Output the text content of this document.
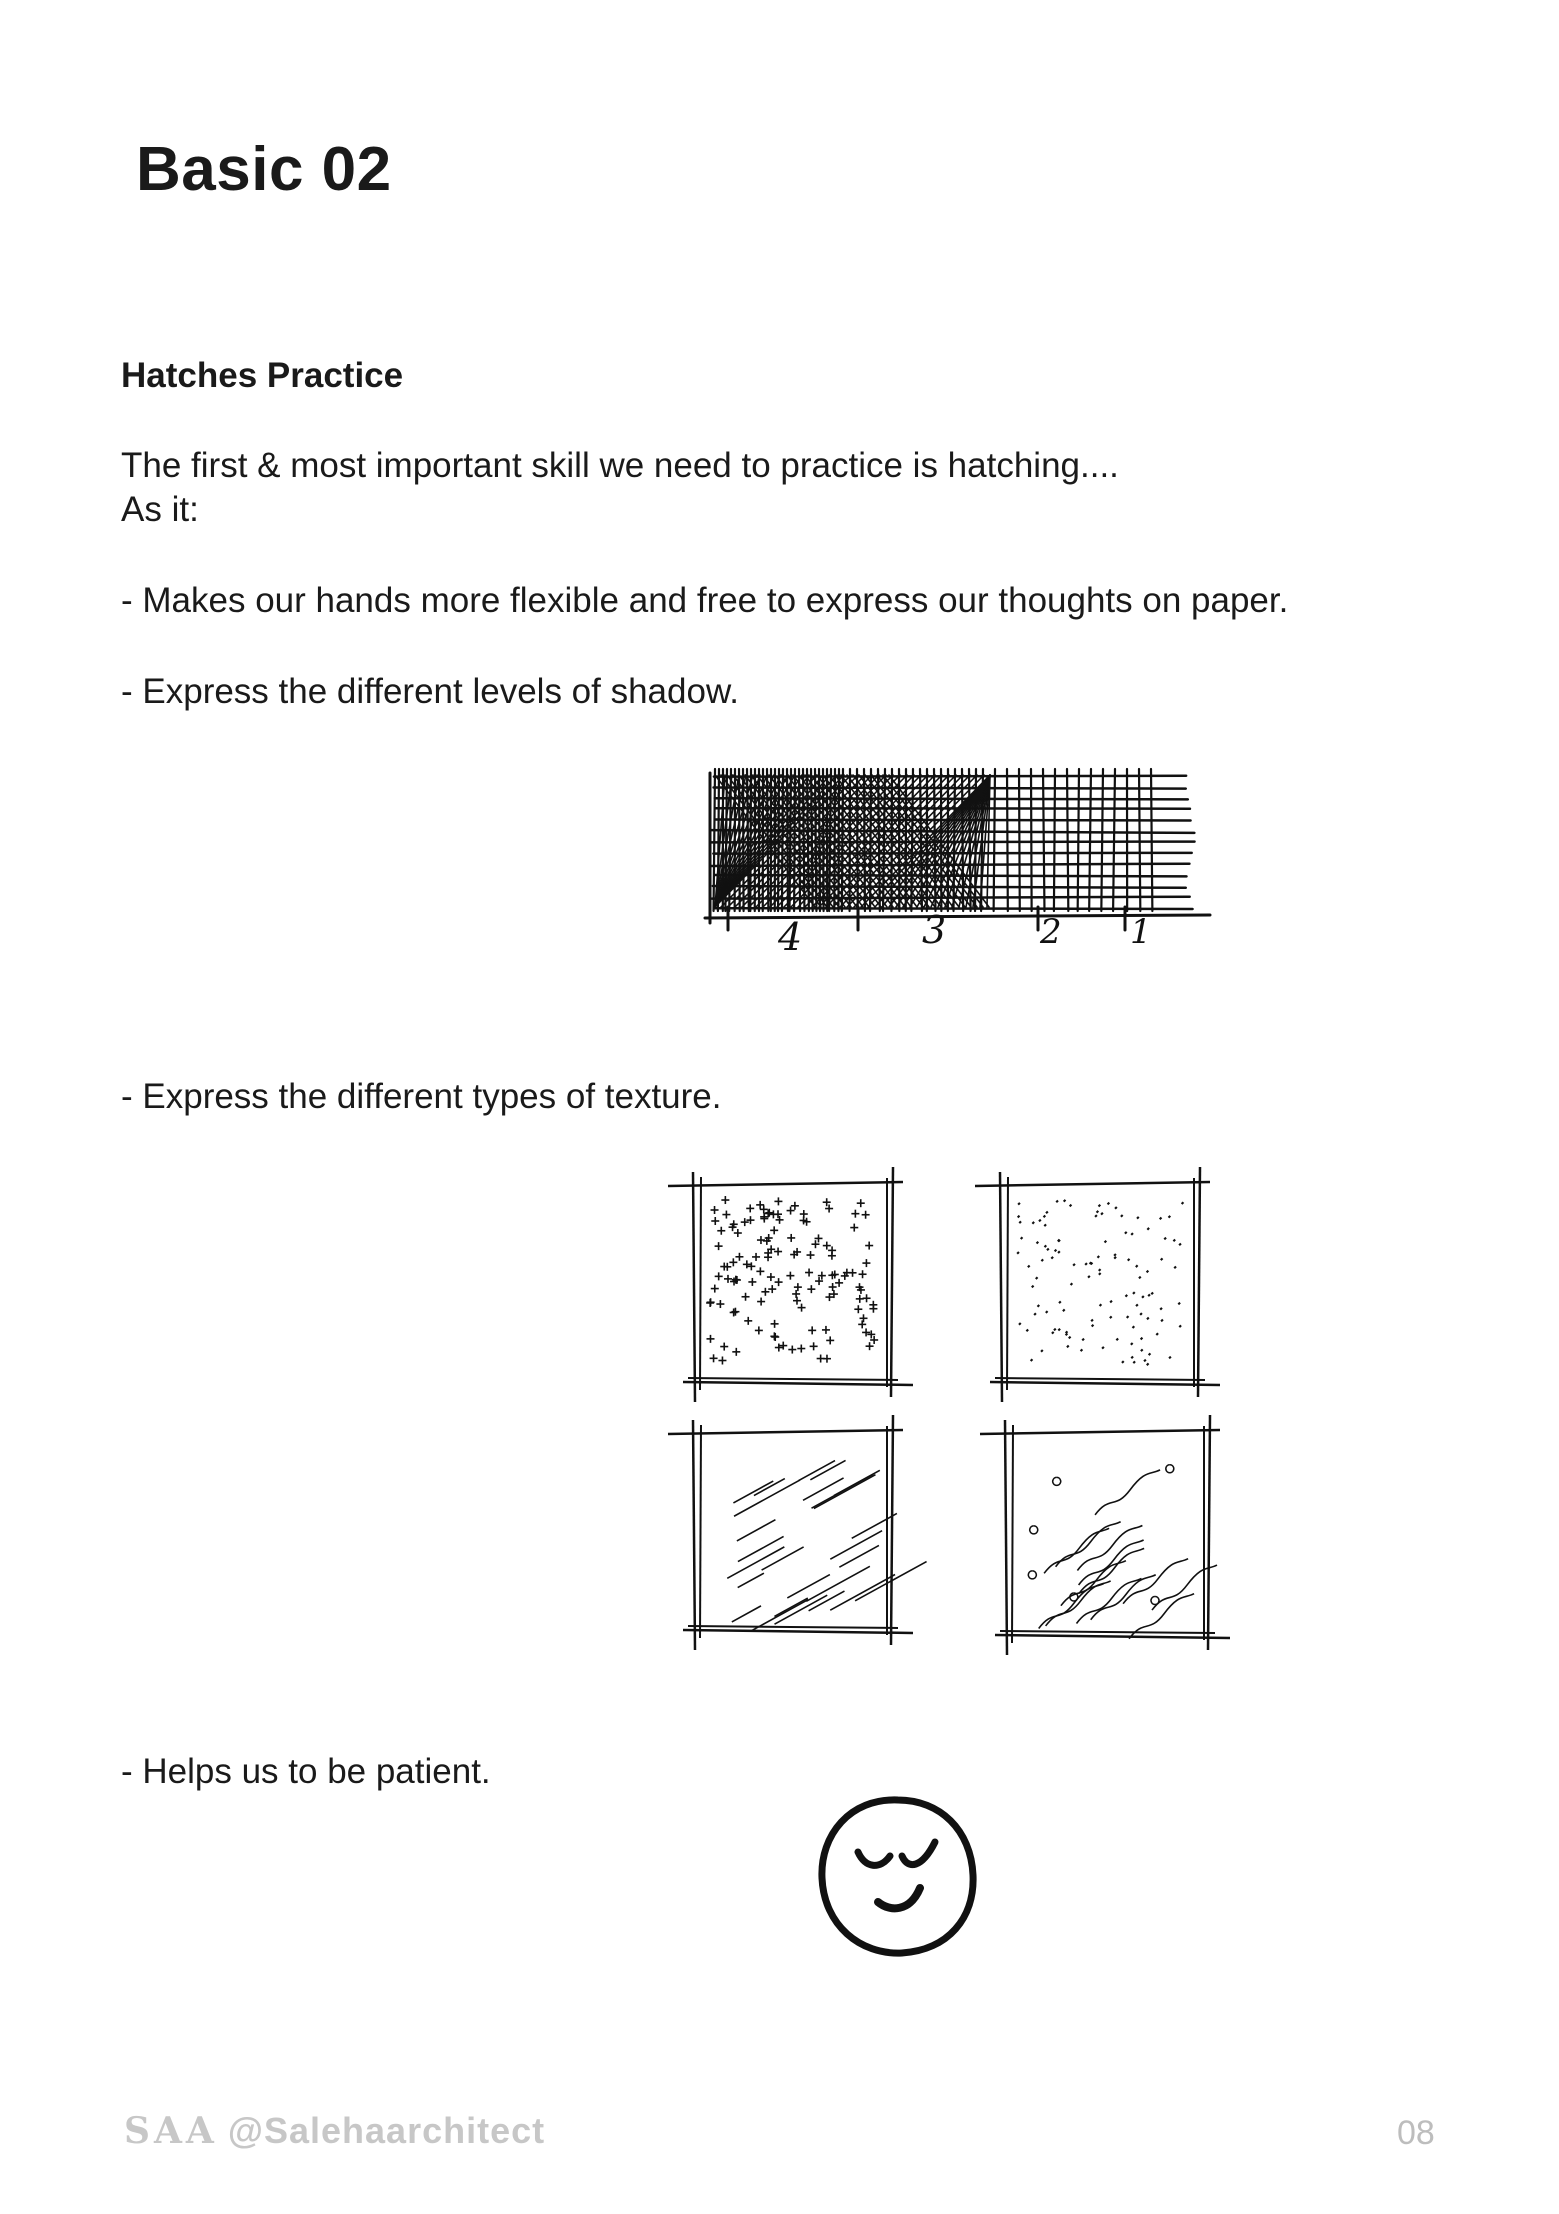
Basic 02
Hatches Practice
The first & most important skill we need to practice is hatching....
As it:
- Makes our hands more flexible and free to express our thoughts on paper.
- Express the different levels of shadow.
4	3	2 1
- Express the different types of texture.
- Helps us to be patient.
SAA @Salehaarchitect	08
